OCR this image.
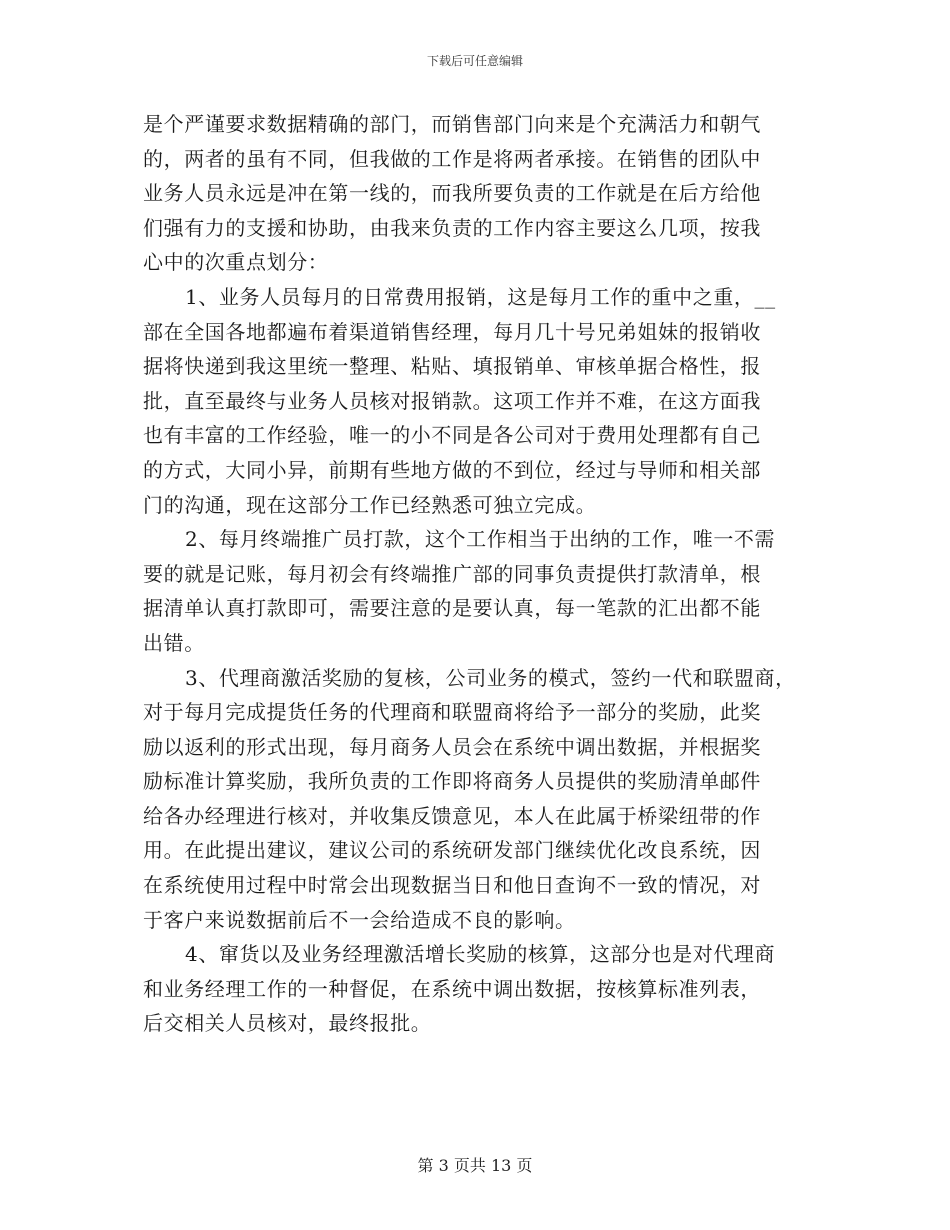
下载后可任意编辑
是个严谨要求数据精确的部门，而销售部门向来是个充满活力和朝气
的，两者的虽有不同，但我做的工作是将两者承接。在销售的团队中
业务人员永远是冲在第一线的，而我所要负责的工作就是在后方给他
们强有力的支援和协助，由我来负责的工作内容主要这么几项，按我
心中的次重点划分：
1、业务人员每月的日常费用报销，这是每月工作的重中之重，__
部在全国各地都遍布着渠道销售经理，每月几十号兄弟姐妹的报销收
据将快递到我这里统一整理、粘贴、填报销单、审核单据合格性，报
批，直至最终与业务人员核对报销款。这项工作并不难，在这方面我
也有丰富的工作经验，唯一的小不同是各公司对于费用处理都有自己
的方式，大同小异，前期有些地方做的不到位，经过与导师和相关部
门的沟通，现在这部分工作已经熟悉可独立完成。
2、每月终端推广员打款，这个工作相当于出纳的工作，唯一不需
要的就是记账，每月初会有终端推广部的同事负责提供打款清单，根
据清单认真打款即可，需要注意的是要认真，每一笔款的汇出都不能
出错。
3、代理商激活奖励的复核，公司业务的模式，签约一代和联盟商，
对于每月完成提货任务的代理商和联盟商将给予一部分的奖励，此奖
励以返利的形式出现，每月商务人员会在系统中调出数据，并根据奖
励标准计算奖励，我所负责的工作即将商务人员提供的奖励清单邮件
给各办经理进行核对，并收集反馈意见，本人在此属于桥梁纽带的作
用。在此提出建议，建议公司的系统研发部门继续优化改良系统，因
在系统使用过程中时常会出现数据当日和他日查询不一致的情况，对
于客户来说数据前后不一会给造成不良的影响。
4、窜货以及业务经理激活增长奖励的核算，这部分也是对代理商
和业务经理工作的一种督促，在系统中调出数据，按核算标准列表，
后交相关人员核对，最终报批。
第 3 页共 13 页
